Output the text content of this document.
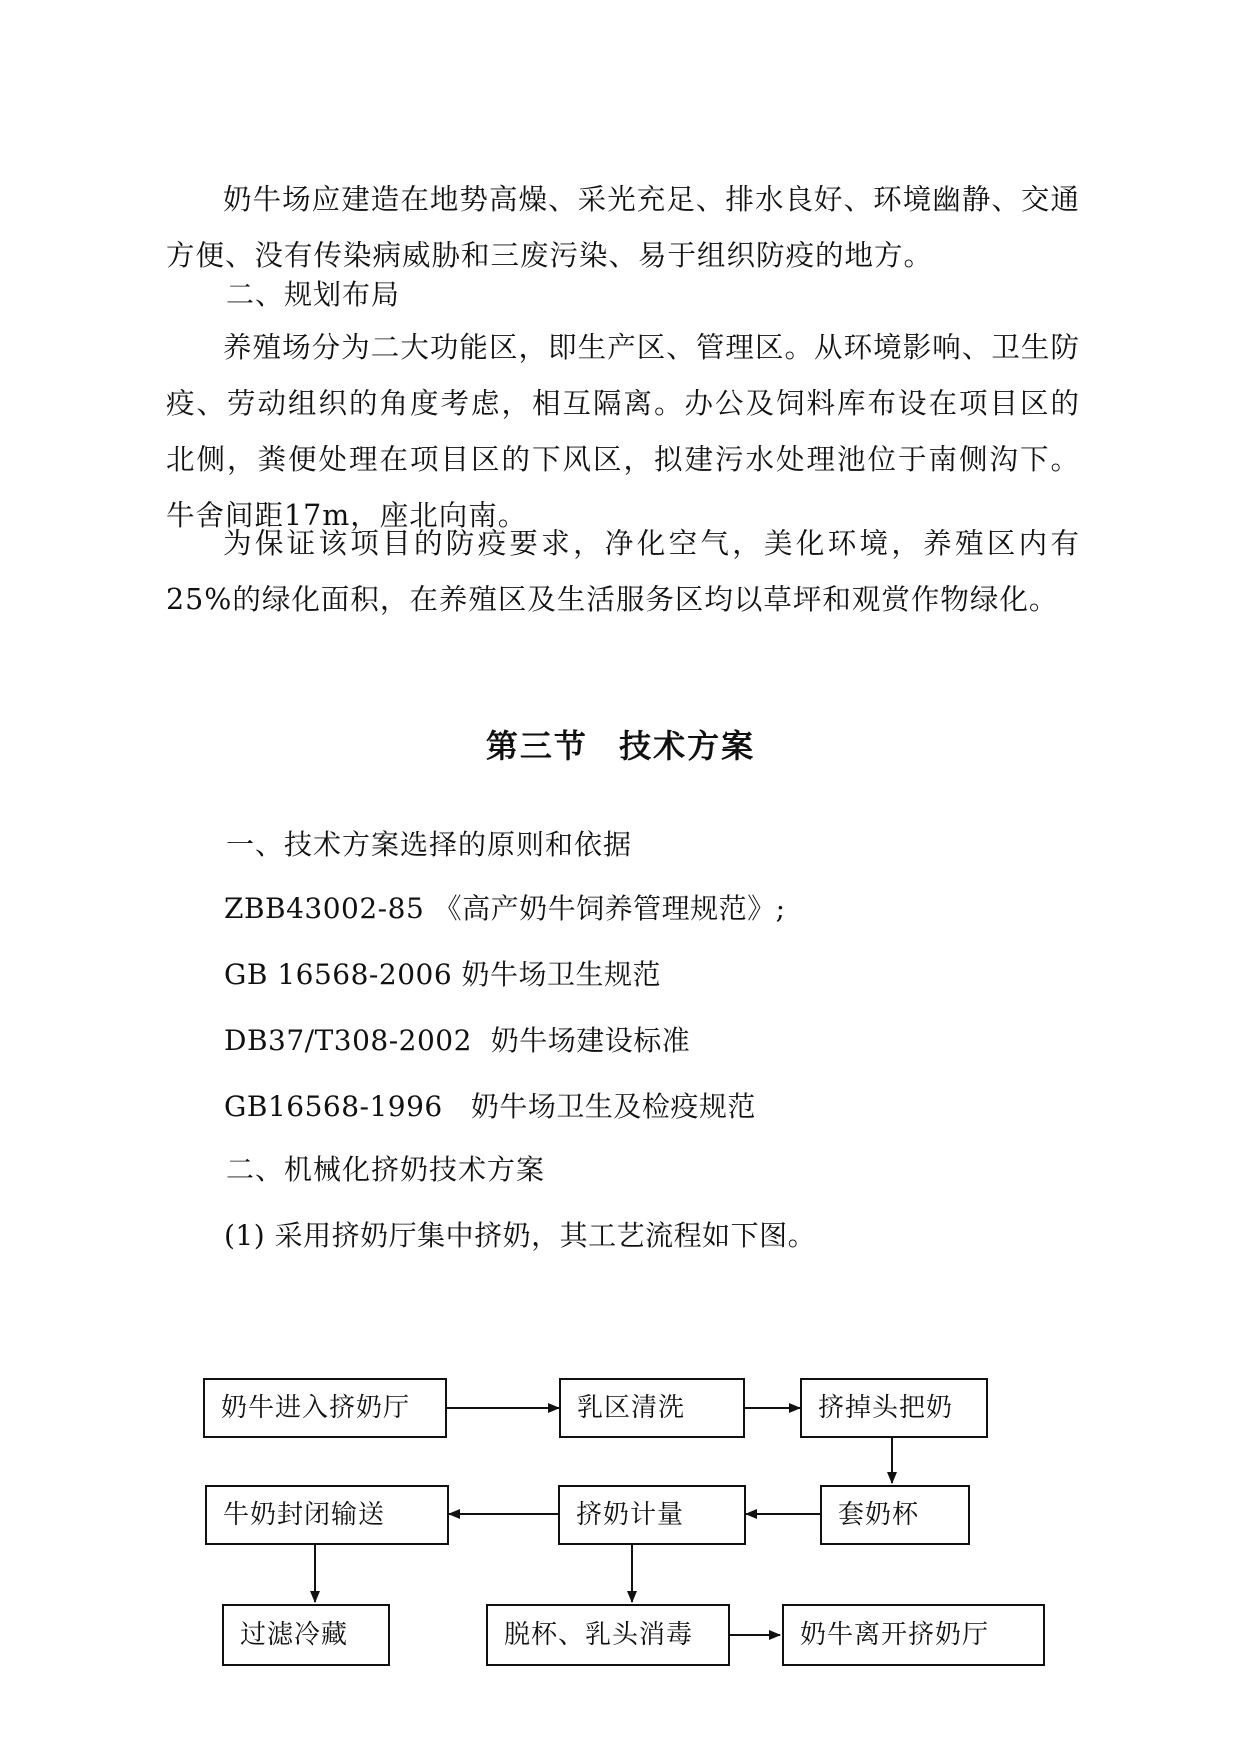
奶牛场应建造在地势高燥、采光充足、排水良好、环境幽静、交通方便、没有传染病威胁和三废污染、易于组织防疫的地方。

二、规划布局

养殖场分为二大功能区，即生产区、管理区。从环境影响、卫生防疫、劳动组织的角度考虑，相互隔离。办公及饲料库布设在项目区的北侧，粪便处理在项目区的下风区，拟建污水处理池位于南侧沟下。牛舍间距17m，座北向南。

为保证该项目的防疫要求，净化空气，美化环境，养殖区内有25%的绿化面积，在养殖区及生活服务区均以草坪和观赏作物绿化。

第三节 技术方案

一、技术方案选择的原则和依据

ZBB43002-85 《高产奶牛饲养管理规范》;

GB 16568-2006 奶牛场卫生规范

DB37/T308-2002  奶牛场建设标准

GB16568-1996   奶牛场卫生及检疫规范

二、机械化挤奶技术方案

(1) 采用挤奶厅集中挤奶，其工艺流程如下图。

奶牛进入挤奶厅	乳区清洗	挤掉头把奶
套奶杯
挤奶计量
牛奶封闭输送
过滤冷藏	脱杯、乳头消毒	奶牛离开挤奶厅
